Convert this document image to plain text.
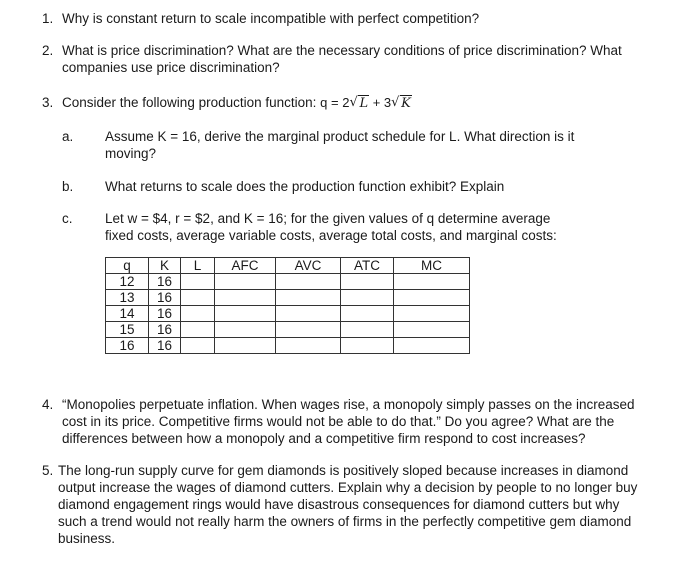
1. Why is constant return to scale incompatible with perfect competition?
2. What is price discrimination? What are the necessary conditions of price discrimination? What
companies use price discrimination?
3. Consider the following production function: q = 2 √ L + 3 √ K
a. Assume K = 16, derive the marginal product schedule for L. What direction is it
moving?
b. What returns to scale does the production function exhibit? Explain
c. Let w = $4, r = $2, and K = 16; for the given values of q determine average
fixed costs, average variable costs, average total costs, and marginal costs:
q	K	L	AFC	AVC	ATC	MC
12	16					
13	16					
14	16					
15	16					
16	16					
4. “Monopolies perpetuate inflation. When wages rise, a monopoly simply passes on the increased
cost in its price. Competitive firms would not be able to do that.” Do you agree? What are the
differences between how a monopoly and a competitive firm respond to cost increases?
5. The long-run supply curve for gem diamonds is positively sloped because increases in diamond
output increase the wages of diamond cutters. Explain why a decision by people to no longer buy
diamond engagement rings would have disastrous consequences for diamond cutters but why
such a trend would not really harm the owners of firms in the perfectly competitive gem diamond
business.
